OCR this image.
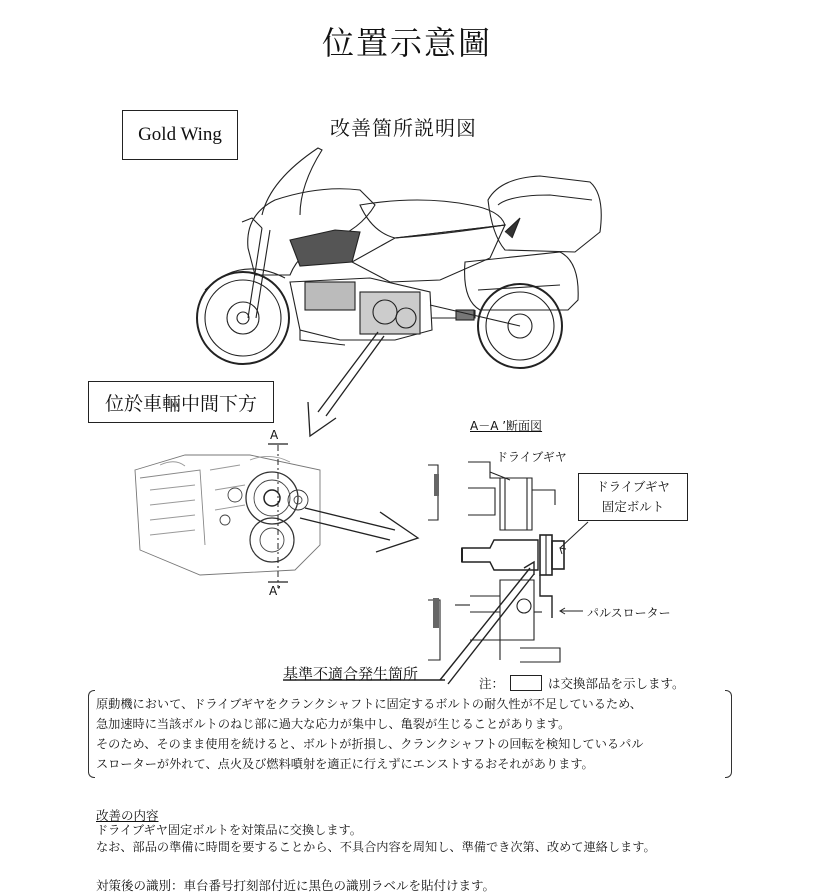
位置示意圖
Gold Wing	改善箇所説明図
位於車輛中間下方
A
A’
A－A ’断面図
ドライブギヤ
ドライブギヤ
固定ボルト
パルスローター
基準不適合発生箇所
注：	は交換部品を示します。
原動機において、ドライブギヤをクランクシャフトに固定するボルトの耐久性が不足しているため、
急加速時に当該ボルトのねじ部に過大な応力が集中し、亀裂が生じることがあります。
そのため、そのまま使用を続けると、ボルトが折損し、クランクシャフトの回転を検知しているパル
スローターが外れて、点火及び燃料噴射を適正に行えずにエンストするおそれがあります。
改善の内容
ドライブギヤ固定ボルトを対策品に交換します。
なお、部品の準備に時間を要することから、不具合内容を周知し、準備でき次第、改めて連絡します。
対策後の識別：車台番号打刻部付近に黒色の識別ラベルを貼付けます。
